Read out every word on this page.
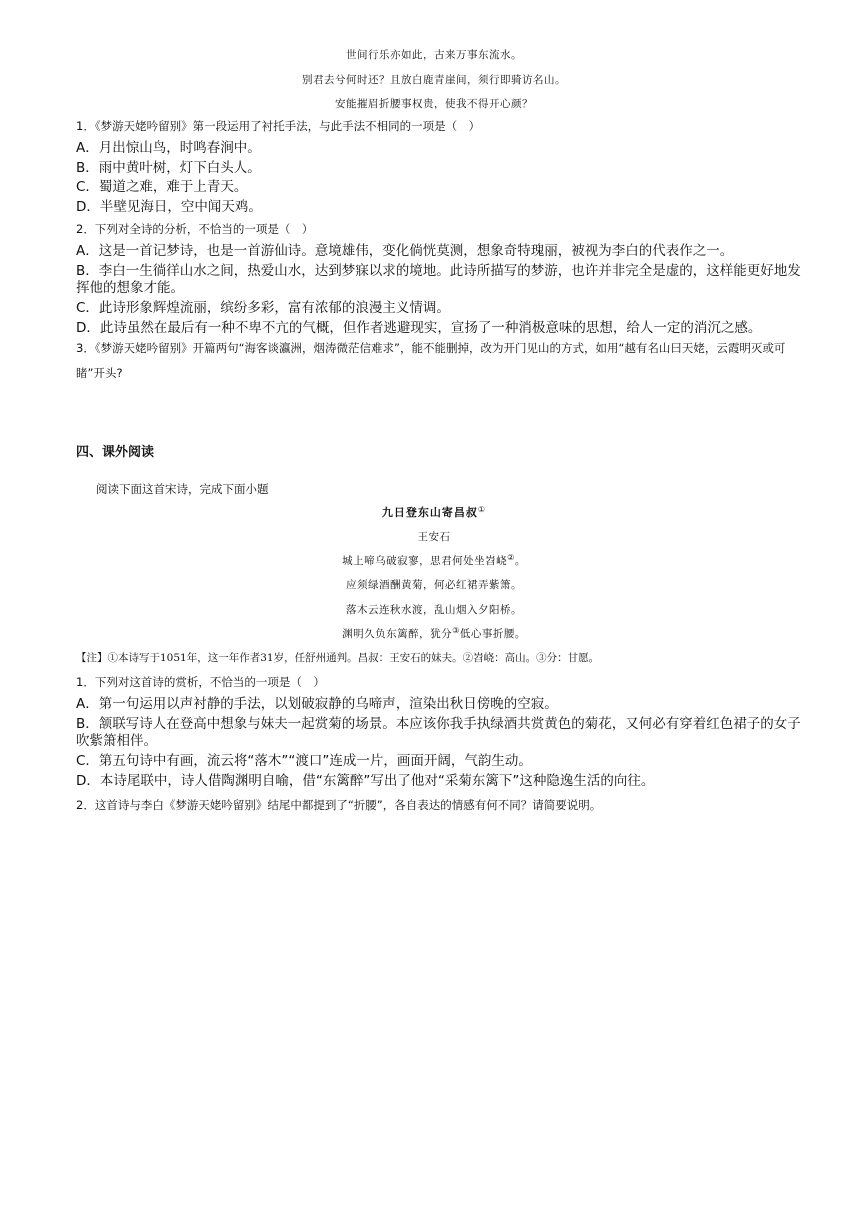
世间行乐亦如此，古来万事东流水。
别君去兮何时还？且放白鹿青崖间，须行即骑访名山。
安能摧眉折腰事权贵，使我不得开心颜？
1．《梦游天姥吟留别》第一段运用了衬托手法，与此手法不相同的一项是（　）
A．月出惊山鸟，时鸣春涧中。
B．雨中黄叶树，灯下白头人。
C．蜀道之难，难于上青天。
D．半壁见海日，空中闻天鸡。
2．下列对全诗的分析，不恰当的一项是（　）
A．这是一首记梦诗，也是一首游仙诗。意境雄伟，变化倘恍莫测，想象奇特瑰丽，被视为李白的代表作之一。
B．李白一生徜徉山水之间，热爱山水，达到梦寐以求的境地。此诗所描写的梦游，也许并非完全是虚的，这样能更好地发挥他的想象才能。
C．此诗形象辉煌流丽，缤纷多彩，富有浓郁的浪漫主义情调。
D．此诗虽然在最后有一种不卑不亢的气概，但作者逃避现实，宣扬了一种消极意味的思想，给人一定的消沉之感。
3．《梦游天姥吟留别》开篇两句“海客谈瀛洲，烟涛微茫信难求”，能不能删掉，改为开门见山的方式，如用“越有名山曰天姥，云霞明灭或可睹”开头?
四、课外阅读
阅读下面这首宋诗，完成下面小题
九日登东山寄昌叔①
王安石
城上啼乌破寂寥，思君何处坐岧峣②。
应须绿酒酬黄菊，何必红裙弄紫箫。
落木云连秋水渡，乱山烟入夕阳桥。
渊明久负东篱醉，犹分③低心事折腰。
【注】①本诗写于1051年，这一年作者31岁，任舒州通判。昌叔：王安石的妹夫。②岧峣：高山。③分：甘愿。
1．下列对这首诗的赏析，不恰当的一项是（　）
A．第一句运用以声衬静的手法，以划破寂静的乌啼声，渲染出秋日傍晚的空寂。
B．颔联写诗人在登高中想象与妹夫一起赏菊的场景。本应该你我手执绿酒共赏黄色的菊花，又何必有穿着红色裙子的女子吹紫箫相伴。
C．第五句诗中有画，流云将“落木”“渡口”连成一片，画面开阔，气韵生动。
D．本诗尾联中，诗人借陶渊明自喻，借“东篱醉”写出了他对“采菊东篱下”这种隐逸生活的向往。
2．这首诗与李白《梦游天姥吟留别》结尾中都提到了“折腰”，各自表达的情感有何不同？请简要说明。
